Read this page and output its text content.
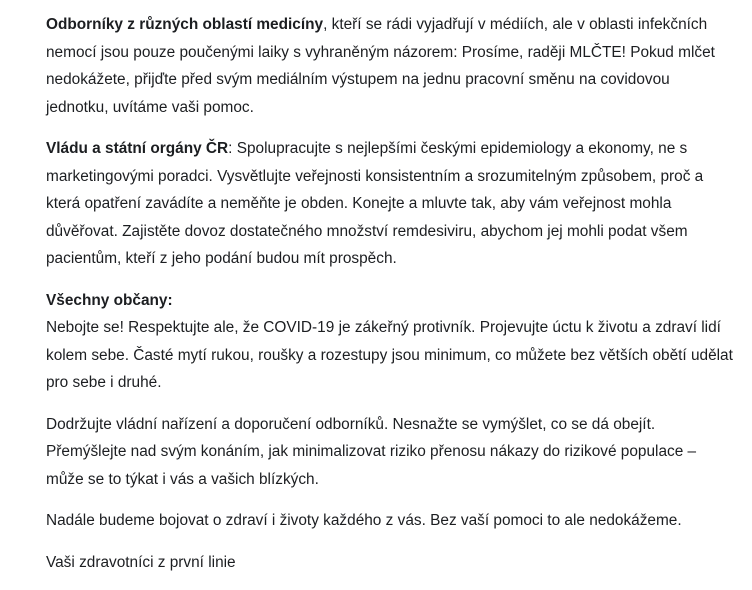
Odborníky z různých oblastí medicíny, kteří se rádi vyjadřují v médiích, ale v oblasti infekčních nemocí jsou pouze poučenými laiky s vyhraněným názorem: Prosíme, raději MLČTE! Pokud mlčet nedokážete, přijďte před svým mediálním výstupem na jednu pracovní směnu na covidovou jednotku, uvítáme vaši pomoc.

Vládu a státní orgány ČR: Spolupracujte s nejlepšími českými epidemiology a ekonomy, ne s marketingovými poradci. Vysvětlujte veřejnosti konsistentním a srozumitelným způsobem, proč a která opatření zavádíte a neměňte je obden. Konejte a mluvte tak, aby vám veřejnost mohla důvěřovat. Zajistěte dovoz dostatečného množství remdesiviru, abychom jej mohli podat všem pacientům, kteří z jeho podání budou mít prospěch.

Všechny občany:

Nebojte se! Respektujte ale, že COVID-19 je zákeřný protivník. Projevujte úctu k životu a zdraví lidí kolem sebe. Časté mytí rukou, roušky a rozestupy jsou minimum, co můžete bez větších obětí udělat pro sebe i druhé.

Dodržujte vládní nařízení a doporučení odborníků. Nesnažte se vymýšlet, co se dá obejít. Přemýšlejte nad svým konáním, jak minimalizovat riziko přenosu nákazy do rizikové populace – může se to týkat i vás a vašich blízkých.

Nadále budeme bojovat o zdraví i životy každého z vás. Bez vaší pomoci to ale nedokážeme.

Vaši zdravotníci z první linie
